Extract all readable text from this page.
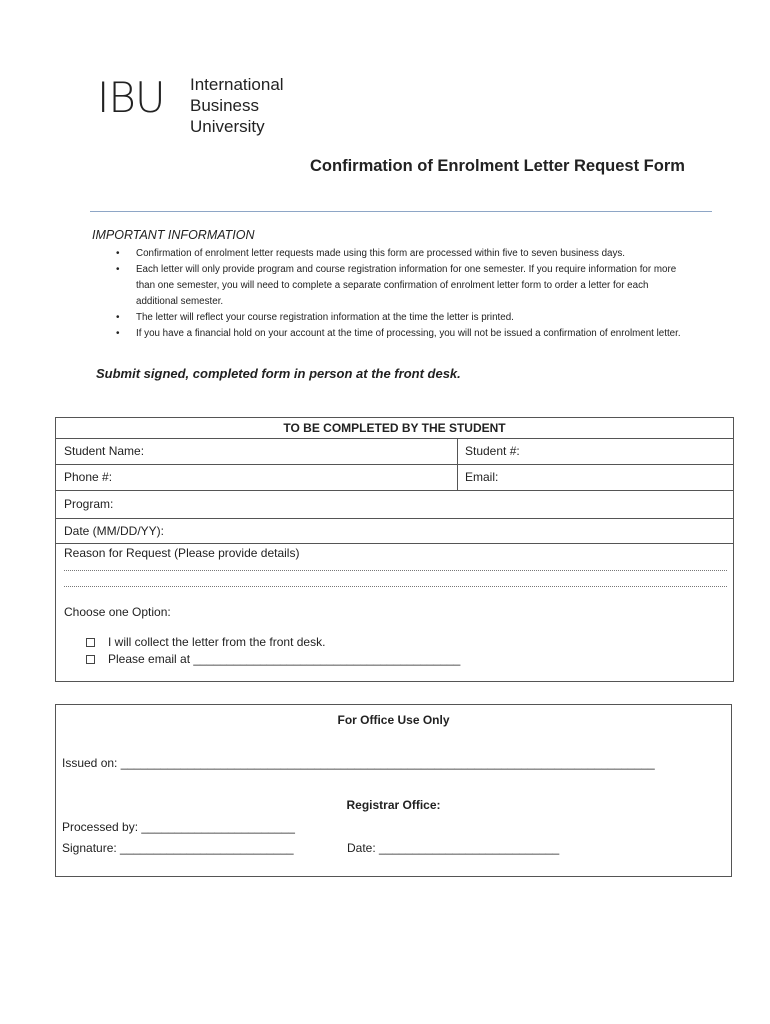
IBU International
Business
University
Confirmation of Enrolment Letter Request Form
IMPORTANT INFORMATION
• Confirmation of enrolment letter requests made using this form are processed within five to seven business days.
• Each letter will only provide program and course registration information for one semester. If you require information for more than one semester, you will need to complete a separate confirmation of enrolment letter form to order a letter for each additional semester.
• The letter will reflect your course registration information at the time the letter is printed.
• If you have a financial hold on your account at the time of processing, you will not be issued a confirmation of enrolment letter.
Submit signed, completed form in person at the front desk.
TO BE COMPLETED BY THE STUDENT
Student Name:	Student #:
Phone #:	Email:
Program:
Date (MM/DD/YY):
Reason for Request (Please provide details)
Choose one Option:
I will collect the letter from the front desk.
Please email at ________________________________________
For Office Use Only
Issued on: ________________________________________________________________________________
Registrar Office:
Processed by: _______________________
Signature: __________________________	Date: ___________________________
